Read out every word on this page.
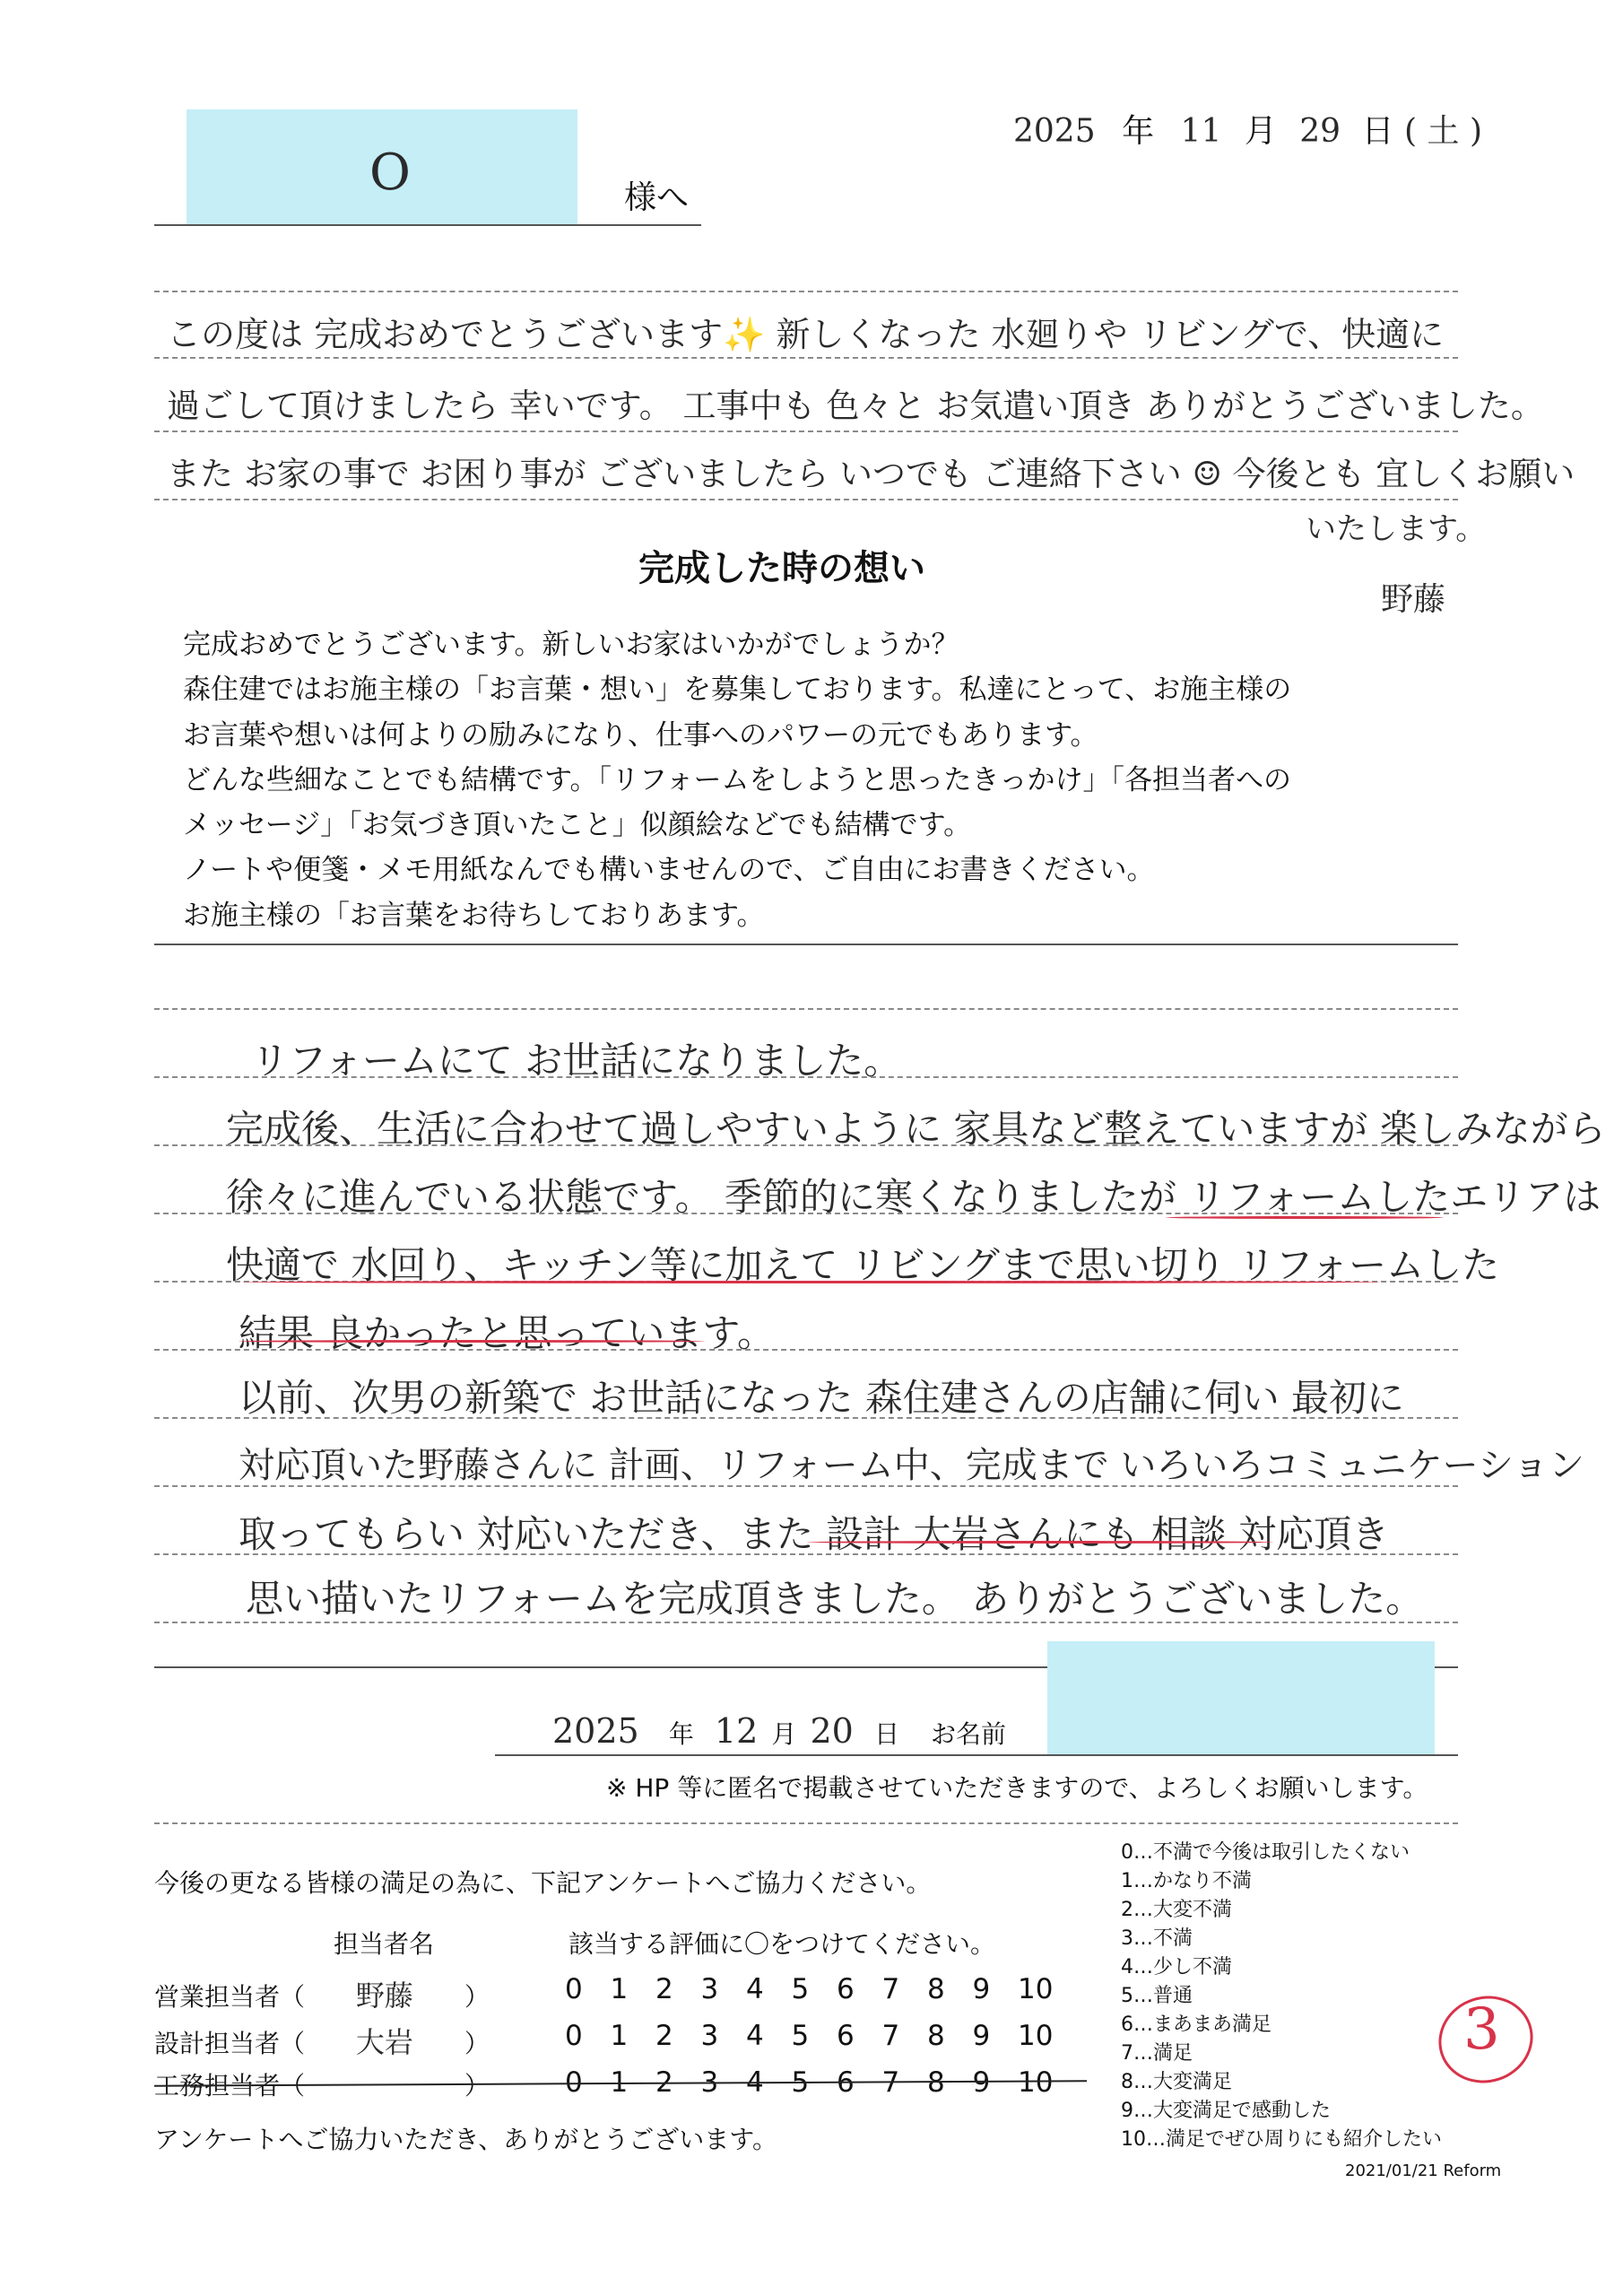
2025 年 11 月 29 日 ( 土 )
O	様へ
この度は 完成おめでとうございます✨ 新しくなった 水廻りや リビングで、快適に
過ごして頂けましたら 幸いです。 工事中も 色々と お気遣い頂き ありがとうございました。
また お家の事で お困り事が ございましたら いつでも ご連絡下さい ☺ 今後とも 宜しくお願い
いたします。
野藤
完成した時の想い
完成おめでとうございます。新しいお家はいかがでしょうか？
森住建ではお施主様の「お言葉・想い」を募集しております。私達にとって、お施主様の
お言葉や想いは何よりの励みになり、仕事へのパワーの元でもあります。
どんな些細なことでも結構です。「リフォームをしようと思ったきっかけ」「各担当者への
メッセージ」「お気づき頂いたこと」似顔絵などでも結構です。
ノートや便箋・メモ用紙なんでも構いませんので、ご自由にお書きください。
お施主様の「お言葉をお待ちしておりあます。
リフォームにて お世話になりました。
完成後、生活に合わせて過しやすいように 家具など整えていますが 楽しみながら
徐々に進んでいる状態です。 季節的に寒くなりましたが リフォームしたエリアは
快適で 水回り、キッチン等に加えて リビングまで思い切り リフォームした
結果 良かったと思っています。
以前、次男の新築で お世話になった 森住建さんの店舗に伺い 最初に
対応頂いた野藤さんに 計画、リフォーム中、完成まで いろいろコミュニケーション
取ってもらい 対応いただき、また 設計 大岩さんにも 相談 対応頂き
思い描いたリフォームを完成頂きました。 ありがとうございました。
2025 年 12 月 20 日 お名前
※ HP 等に匿名で掲載させていただきますので、よろしくお願いします。
今後の更なる皆様の満足の為に、下記アンケートへご協力ください。
担当者名	該当する評価に〇をつけてください。
営業担当者（ 野藤 ）	0 1 2 3 4 5 6 7 8 9 10
設計担当者（ 大岩 ）	0 1 2 3 4 5 6 7 8 9 10
工務担当者（	）	0 1 2 3 4 5 6 7 8 9 10
アンケートへご協力いただき、ありがとうございます。
0…不満で今後は取引したくない
1…かなり不満
2…大変不満
3…不満
4…少し不満
5…普通
6…まあまあ満足
7…満足
8…大変満足
9…大変満足で感動した
10…満足でぜひ周りにも紹介したい
3
2021/01/21 Reform
